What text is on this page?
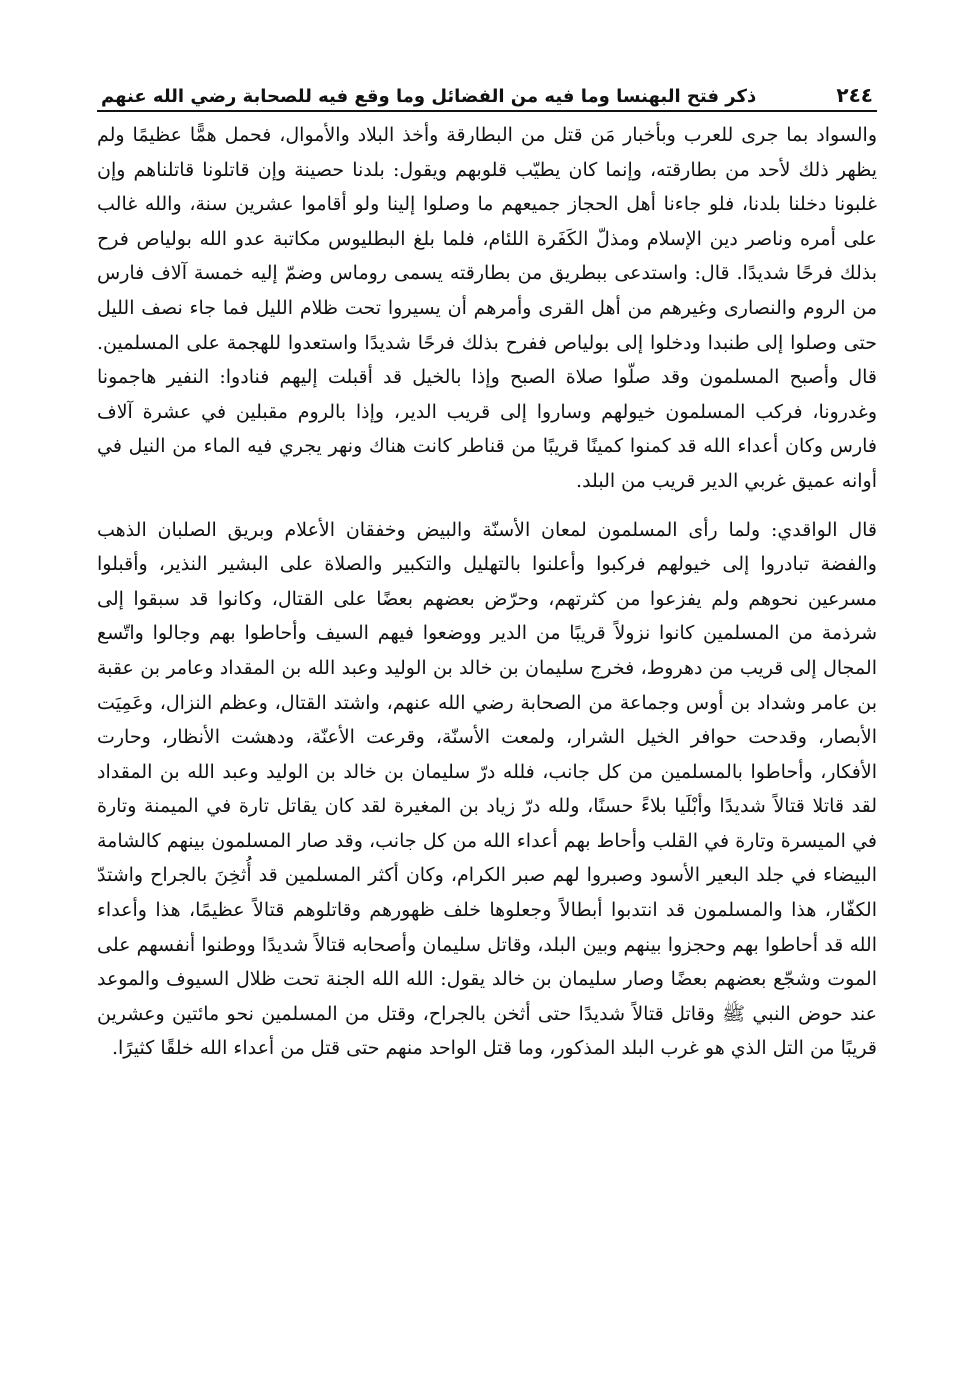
٢٤٤
ذكر فتح البهنسا وما فيه من الفضائل وما وقع فيه للصحابة رضي الله عنهم

والسواد بما جرى للعرب وبأخبار مَن قتل من البطارقة وأخذ البلاد والأموال، فحمل همًّا عظيمًا ولم يظهر ذلك لأحد من بطارقته، وإنما كان يطيّب قلوبهم ويقول: بلدنا حصينة وإن قاتلونا قاتلناهم وإن غلبونا دخلنا بلدنا، فلو جاءنا أهل الحجاز جميعهم ما وصلوا إلينا ولو أقاموا عشرين سنة، والله غالب على أمره وناصر دين الإسلام ومذلّ الكَفَرة اللئام، فلما بلغ البطليوس مكاتبة عدو الله بولياص فرح بذلك فرحًا شديدًا. قال: واستدعى ببطريق من بطارقته يسمى روماس وضمّ إليه خمسة آلاف فارس من الروم والنصارى وغيرهم من أهل القرى وأمرهم أن يسيروا تحت ظلام الليل فما جاء نصف الليل حتى وصلوا إلى طنبدا ودخلوا إلى بولياص ففرح بذلك فرحًا شديدًا واستعدوا للهجمة على المسلمين. قال وأصبح المسلمون وقد صلّوا صلاة الصبح وإذا بالخيل قد أقبلت إليهم فنادوا: النفير هاجمونا وغدرونا، فركب المسلمون خيولهم وساروا إلى قريب الدير، وإذا بالروم مقبلين في عشرة آلاف فارس وكان أعداء الله قد كمنوا كمينًا قريبًا من قناطر كانت هناك ونهر يجري فيه الماء من النيل في أوانه عميق غربي الدير قريب من البلد.

قال الواقدي: ولما رأى المسلمون لمعان الأسنّة والبيض وخفقان الأعلام وبريق الصلبان الذهب والفضة تبادروا إلى خيولهم فركبوا وأعلنوا بالتهليل والتكبير والصلاة على البشير النذير، وأقبلوا مسرعين نحوهم ولم يفزعوا من كثرتهم، وحرّض بعضهم بعضًا على القتال، وكانوا قد سبقوا إلى شرذمة من المسلمين كانوا نزولاً قريبًا من الدير ووضعوا فيهم السيف وأحاطوا بهم وجالوا واتّسع المجال إلى قريب من دهروط، فخرج سليمان بن خالد بن الوليد وعبد الله بن المقداد وعامر بن عقبة بن عامر وشداد بن أوس وجماعة من الصحابة رضي الله عنهم، واشتد القتال، وعظم النزال، وعَمِيَت الأبصار، وقدحت حوافر الخيل الشرار، ولمعت الأسنّة، وقرعت الأعنّة، ودهشت الأنظار، وحارت الأفكار، وأحاطوا بالمسلمين من كل جانب، فلله درّ سليمان بن خالد بن الوليد وعبد الله بن المقداد لقد قاتلا قتالاً شديدًا وأبْلَيا بلاءً حسنًا، ولله درّ زياد بن المغيرة لقد كان يقاتل تارة في الميمنة وتارة في الميسرة وتارة في القلب وأحاط بهم أعداء الله من كل جانب، وقد صار المسلمون بينهم كالشامة البيضاء في جلد البعير الأسود وصبروا لهم صبر الكرام، وكان أكثر المسلمين قد أُثخِنَ بالجراح واشتدّ الكفّار، هذا والمسلمون قد انتدبوا أبطالاً وجعلوها خلف ظهورهم وقاتلوهم قتالاً عظيمًا، هذا وأعداء الله قد أحاطوا بهم وحجزوا بينهم وبين البلد، وقاتل سليمان وأصحابه قتالاً شديدًا ووطنوا أنفسهم على الموت وشجّع بعضهم بعضًا وصار سليمان بن خالد يقول: الله الله الجنة تحت ظلال السيوف والموعد عند حوض النبي ﷺ وقاتل قتالاً شديدًا حتى أثخن بالجراح، وقتل من المسلمين نحو مائتين وعشرين قريبًا من التل الذي هو غرب البلد المذكور، وما قتل الواحد منهم حتى قتل من أعداء الله خلقًا كثيرًا.
